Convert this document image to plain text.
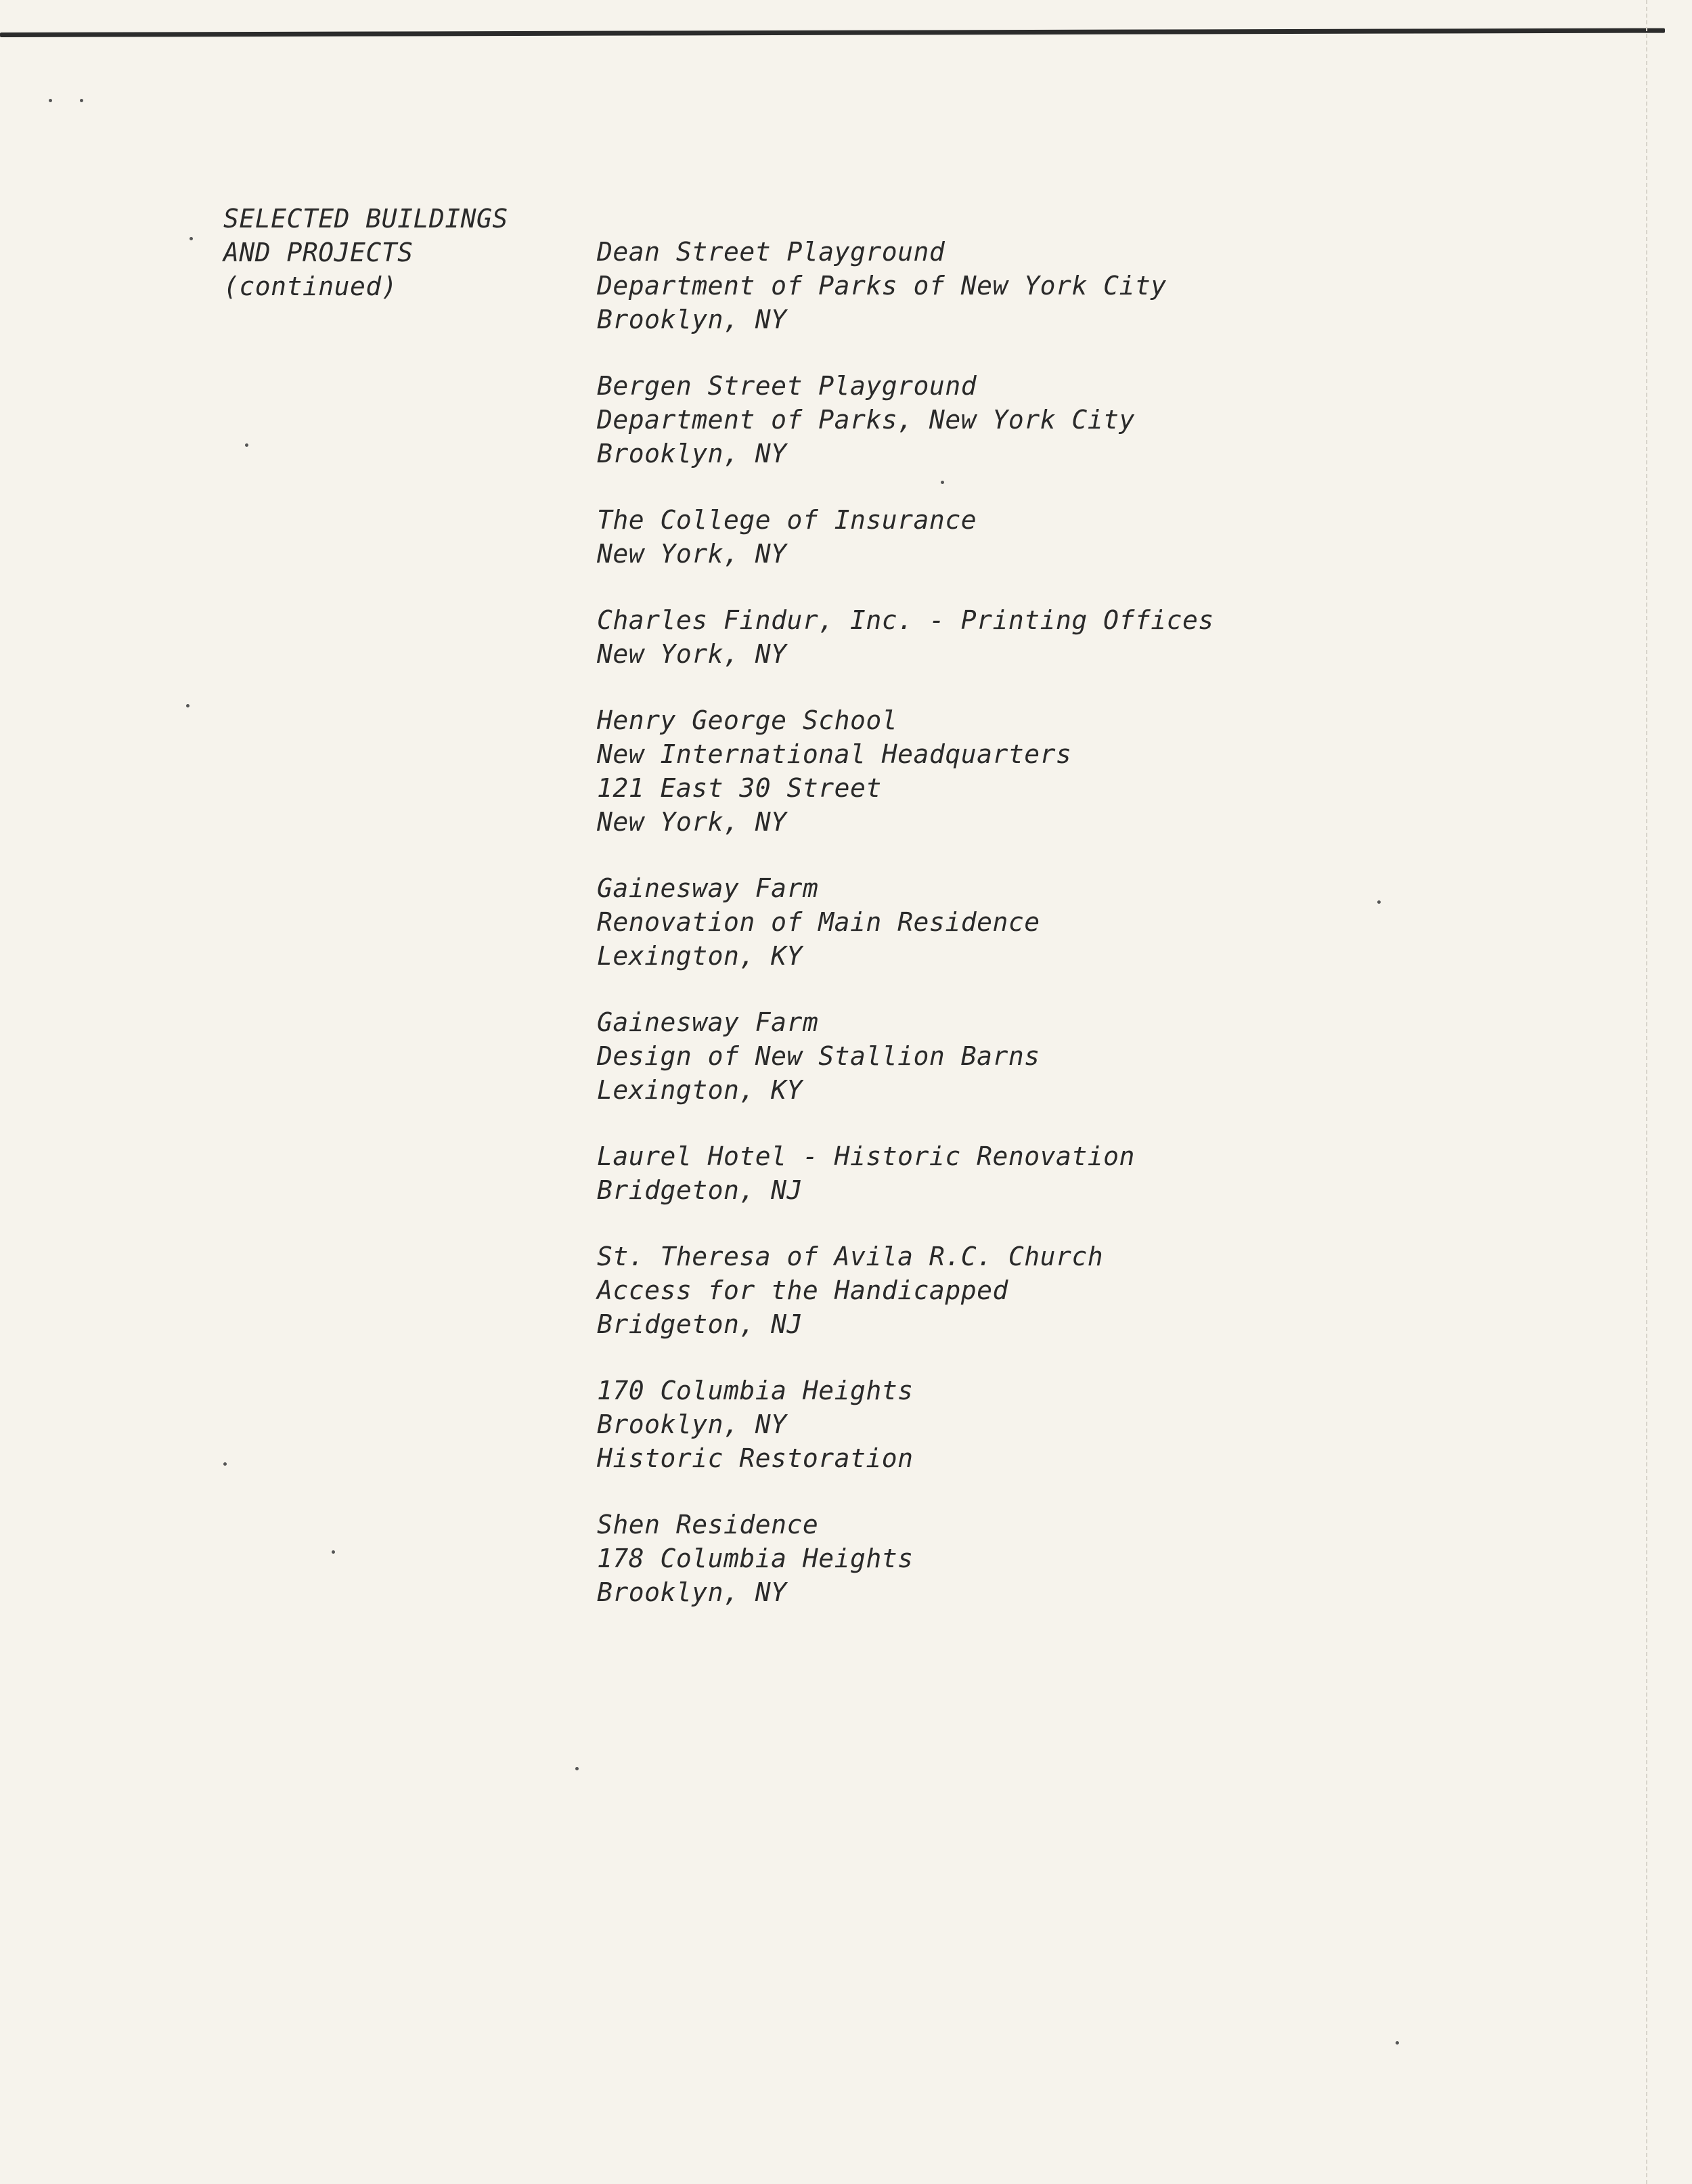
SELECTED BUILDINGS
AND PROJECTS
(continued)
Dean Street Playground
Department of Parks of New York City
Brooklyn, NY
Bergen Street Playground
Department of Parks, New York City
Brooklyn, NY
The College of Insurance
New York, NY
Charles Findur, Inc. - Printing Offices
New York, NY
Henry George School
New International Headquarters
121 East 30 Street
New York, NY
Gainesway Farm
Renovation of Main Residence
Lexington, KY
Gainesway Farm
Design of New Stallion Barns
Lexington, KY
Laurel Hotel - Historic Renovation
Bridgeton, NJ
St. Theresa of Avila R.C. Church
Access for the Handicapped
Bridgeton, NJ
170 Columbia Heights
Brooklyn, NY
Historic Restoration
Shen Residence
178 Columbia Heights
Brooklyn, NY
